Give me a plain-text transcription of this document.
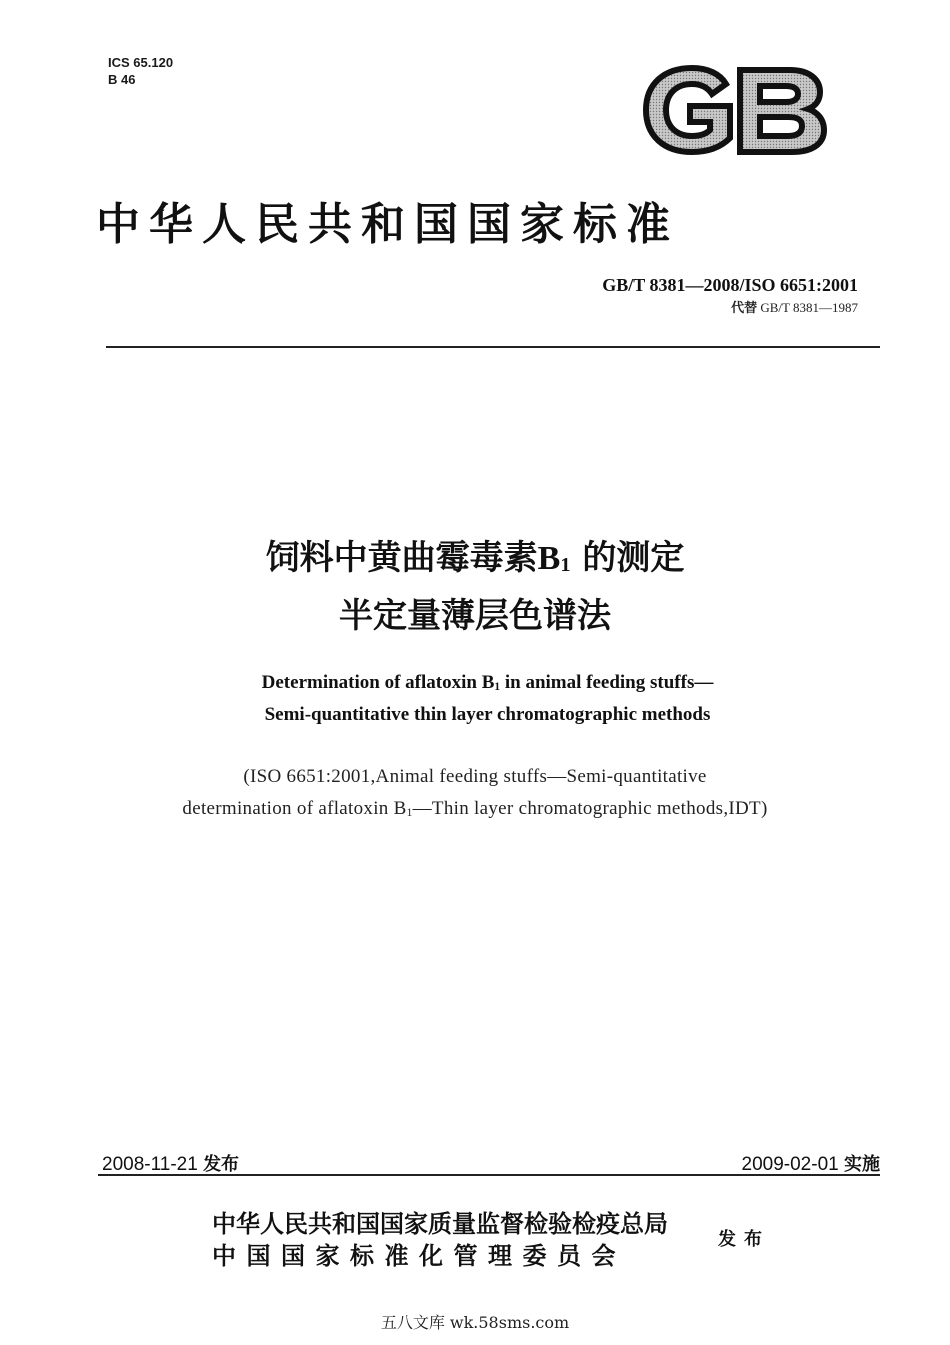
ICS 65.120
B 46
中华人民共和国国家标准
GB/T 8381—2008/ISO 6651:2001
代替 GB/T 8381—1987
饲料中黄曲霉毒素$B_1$ 的测定
半定量薄层色谱法
Determination of aflatoxin $B_1$ in animal feeding stuffs—
Semi-quantitative thin layer chromatographic methods
(ISO 6651:2001,Animal feeding stuffs—Semi-quantitative
determination of aflatoxin $B_1—Thin$ layer chromatographic methods,IDT)
2008-11-21 发布	2009-02-01 实施
中华人民共和国国家质量监督检验检疫总局
中国国家标准化管理委员会
发布
五八文库 wk.58sms.com
